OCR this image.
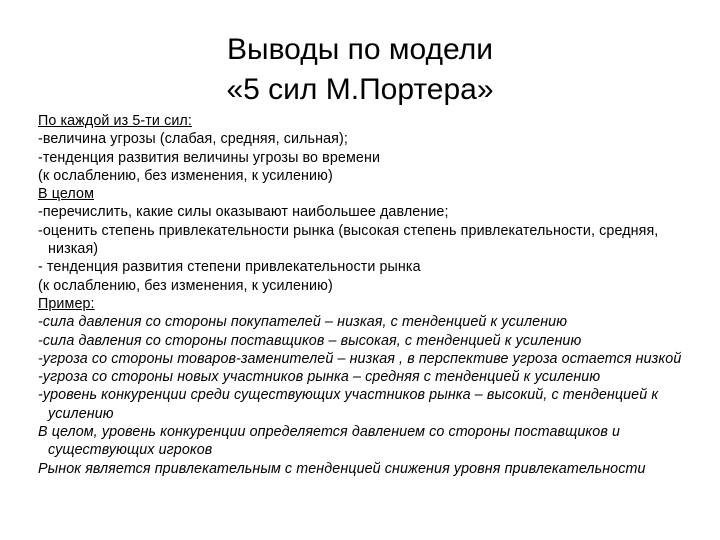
Выводы по модели
«5 сил М.Портера»

По каждой из 5-ти сил:

-величина угрозы (слабая, средняя, сильная);

-тенденция развития величины угрозы во времени

(к ослаблению, без изменения, к усилению)

В целом

-перечислить, какие силы оказывают наибольшее давление;

-оценить степень привлекательности рынка (высокая степень привлекательности, средняя, низкая)

- тенденция развития степени привлекательности рынка

(к ослаблению, без изменения, к усилению)

Пример:

-сила давления со стороны покупателей – низкая, с тенденцией к усилению

-сила давления со стороны поставщиков – высокая, с тенденцией к усилению

-угроза со стороны товаров-заменителей – низкая , в перспективе угроза остается низкой

-угроза со стороны новых участников рынка – средняя с тенденцией к усилению

-уровень конкуренции среди существующих участников рынка – высокий, с тенденцией к усилению

В целом, уровень конкуренции определяется давлением со стороны поставщиков и существующих игроков

Рынок является привлекательным с тенденцией снижения уровня привлекательности
